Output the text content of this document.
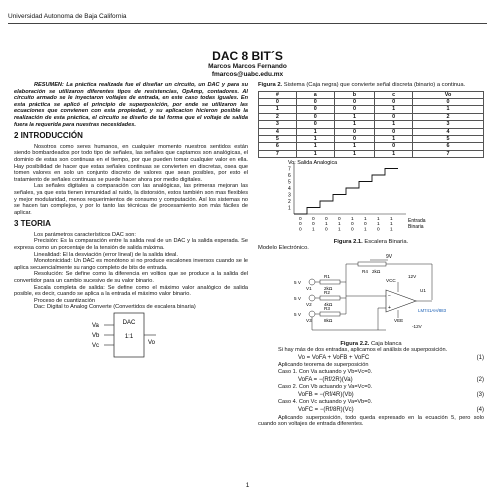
Universidad Autonoma de Baja California
DAC 8 BIT´S
Marcos Marcos Fernando
fmarcos@uabc.edu.mx

RESUMEN: La práctica realizada fue el diseñar un circuito, un DAC y para su elaboración se utilizaron diferentes tipos de resistencias, OpAmp, contadores. Al circuito armado se le inyectaron voltajes de entrada, en este caso todas iguales. En esta práctica se aplicó el principio de superposición, por ende se utilizaron las ecuaciones que convienen con esta propiedad, y su aplicacion hicieron posible la realización de esta práctica, el circuito se diseño de tal forma que el voltaje de salida fuera la requerida para nuestras necesidades.

2 INTRODUCCIÓN

Nosotros como seres humanos, en cualquier momento nuestros sentidos están siendo bombardeados por todo tipo de señales, las señales que captamos son analógicas, el dominio de estas son continuas en el tiempo, por que pueden tomar cualquier valor en ella. Hay posibilidad de hacer que estas señales continuas se convierten en discretas, osea que tomen valores en solo un conjunto discreto de valores que sean posibles, por esto el tratamiento de señales continuas se puede hacer ahora por medio digitales.

Las señales digitales a comparación con las analógicas, las primeras mejoran las señales, ya que esta tienen inmunidad al ruido, la distorsión, estos también son mas flexibles y mejor modularidad, menos requerimientos de consumo y computación. Así los sistemas no se hacen tan complejos, y por lo tanto las técnicas de procesamiento son más fáciles de aplicar.

3 TEORIA

Los parámetros característicos DAC son:

Precisión: Es la comparación entre la salida real de un DAC y la salida esperada. Se expresa como un porcentaje de la tensión de salida máxima.

Linealidad: El la desviación (error lineal) de la salida ideal.

Monotonicidad: Un DAC es monótono si no produce escalones inversos cuando se le aplica secuencialmente su rango completo de bits de entrada.

Resolución: Se define como la diferencia en voltios que se produce a la salida del convertidor para un cambio sucesivo de su valor binario.

Escala completa de salida: Se define como el máximo valor analógico de salida posible, es decir, cuando se aplica a la entrada el máximo valor binario.

Proceso de cuantización

Dac: Digital to Analog Converte (Convertidos de escalera binaria)

DAC
1:1
Va
Vb
Vc	Vo
Figura 2. Sistema (Caja negra) que convierte señal discreta (binario) a continua.
#	a	b	c	Vo
0	0	0	0	0
1	0	0	1	1
2	0	1	0	2
3	0	1	1	3
4	1	0	0	4
5	1	0	1	5
6	1	1	0	6
7	1	1	1	7
Vo: Salida Analogica
7
6
5
4
3
2
1
0 0 0 0 1 1 1 1
0 0 1 1 0 0 1 1
0 1 0 1 0 1 0 1
Entrada
Binaria
Figura 2.1. Escalera Binaria.
Modelo Electrónico.
9V
R4 2kΩ
VCC
12V
−
+
U1
LM741AH/883
VEE
-12V
R1
2kΩ
R2
4kΩ
R3
8kΩ
5 V
V1
5 V
V2
5 V
V3
Figura 2.2. Caja blanca

Si hay más de dos entradas, aplicamos el análisis de superposición.

Vo = VoFA + VoFB + VoFC	(1)

Aplicando teorema de superposición

Caso 1. Con Va actuando y Vb=Vc=0.

VoFA = −(Rf/2R)(Va)	(2)

Caso 2. Con Vb actuando y Va=Vc=0.

VoFB = −(Rf/4R)(Vb)	(3)

Caso 4. Con Vc actuando y Va=Vb=0.

VoFC = −(Rf/8R)(Vc)	(4)

Aplicando superposición, todo queda expresado en la ecuación 5, pero solo cuando son voltajes de entrada diferentes.

1
